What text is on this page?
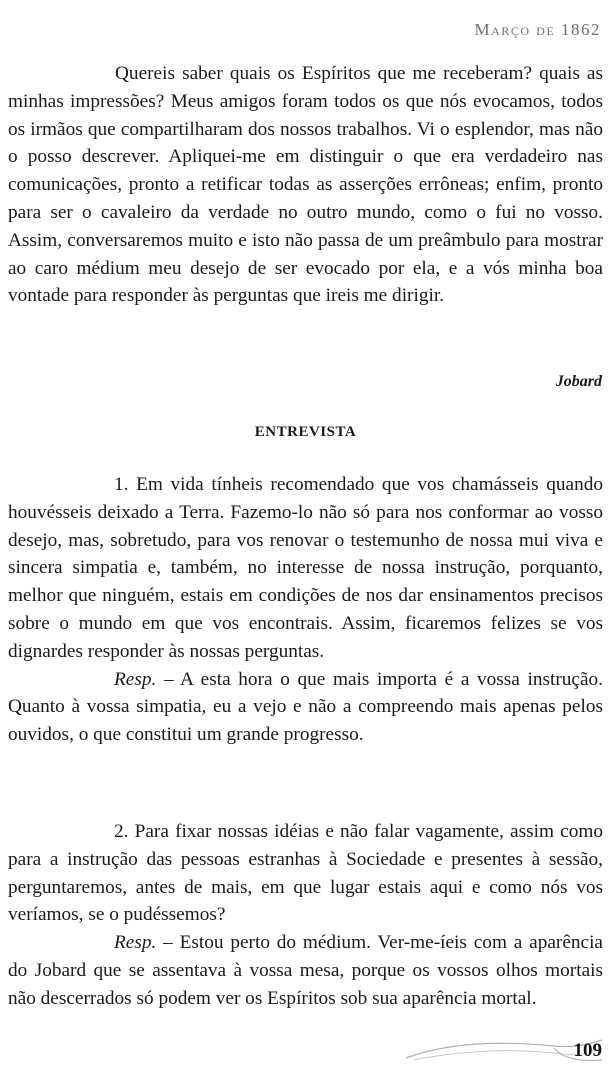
Março de 1862

Quereis saber quais os Espíritos que me receberam? quais as minhas impressões? Meus amigos foram todos os que nós evocamos, todos os irmãos que compartilharam dos nossos trabalhos. Vi o esplendor, mas não o posso descrever. Apliquei-me em distinguir o que era verdadeiro nas comunicações, pronto a retificar todas as asserções errôneas; enfim, pronto para ser o cavaleiro da verdade no outro mundo, como o fui no vosso. Assim, conversaremos muito e isto não passa de um preâmbulo para mostrar ao caro médium meu desejo de ser evocado por ela, e a vós minha boa vontade para responder às perguntas que ireis me dirigir.

Jobard
ENTREVISTA

1. Em vida tínheis recomendado que vos chamásseis quando houvésseis deixado a Terra. Fazemo-lo não só para nos conformar ao vosso desejo, mas, sobretudo, para vos renovar o testemunho de nossa mui viva e sincera simpatia e, também, no interesse de nossa instrução, porquanto, melhor que ninguém, estais em condições de nos dar ensinamentos precisos sobre o mundo em que vos encontrais. Assim, ficaremos felizes se vos dignardes responder às nossas perguntas.

Resp. – A esta hora o que mais importa é a vossa instrução. Quanto à vossa simpatia, eu a vejo e não a compreendo mais apenas pelos ouvidos, o que constitui um grande progresso.

2. Para fixar nossas idéias e não falar vagamente, assim como para a instrução das pessoas estranhas à Sociedade e presentes à sessão, perguntaremos, antes de mais, em que lugar estais aqui e como nós vos veríamos, se o pudéssemos?

Resp. – Estou perto do médium. Ver-me-íeis com a aparência do Jobard que se assentava à vossa mesa, porque os vossos olhos mortais não descerrados só podem ver os Espíritos sob sua aparência mortal.

109
